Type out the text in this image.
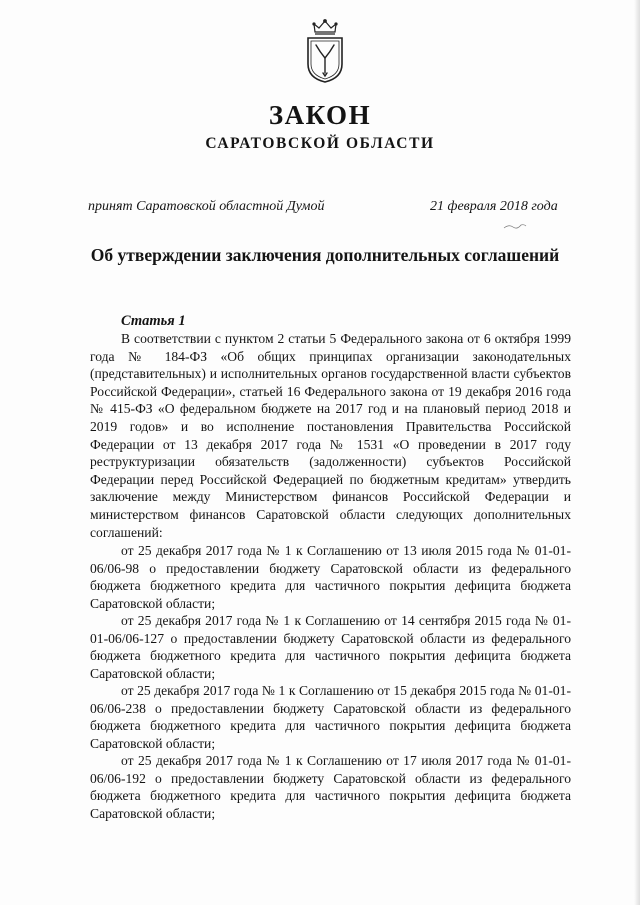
ЗАКОН
САРАТОВСКОЙ ОБЛАСТИ
принят Саратовской областной Думой	21 февраля 2018 года
Об утверждении заключения дополнительных соглашений
Статья 1

В соответствии с пунктом 2 статьи 5 Федерального закона от 6 октября 1999 года № 184-ФЗ «Об общих принципах организации законодательных (представительных) и исполнительных органов государственной власти субъектов Российской Федерации», статьей 16 Федерального закона от 19 декабря 2016 года № 415-ФЗ «О федеральном бюджете на 2017 год и на плановый период 2018 и 2019 годов» и во исполнение постановления Правительства Российской Федерации от 13 декабря 2017 года № 1531 «О проведении в 2017 году реструктуризации обязательств (задолженности) субъектов Российской Федерации перед Российской Федерацией по бюджетным кредитам» утвердить заключение между Министерством финансов Российской Федерации и министерством финансов Саратовской области следующих дополнительных соглашений:

от 25 декабря 2017 года № 1 к Соглашению от 13 июля 2015 года № 01-01-06/06-98 о предоставлении бюджету Саратовской области из федерального бюджета бюджетного кредита для частичного покрытия дефицита бюджета Саратовской области;

от 25 декабря 2017 года № 1 к Соглашению от 14 сентября 2015 года № 01-01-06/06-127 о предоставлении бюджету Саратовской области из федерального бюджета бюджетного кредита для частичного покрытия дефицита бюджета Саратовской области;

от 25 декабря 2017 года № 1 к Соглашению от 15 декабря 2015 года № 01-01-06/06-238 о предоставлении бюджету Саратовской области из федерального бюджета бюджетного кредита для частичного покрытия дефицита бюджета Саратовской области;

от 25 декабря 2017 года № 1 к Соглашению от 17 июля 2017 года № 01-01-06/06-192 о предоставлении бюджету Саратовской области из федерального бюджета бюджетного кредита для частичного покрытия дефицита бюджета Саратовской области;
